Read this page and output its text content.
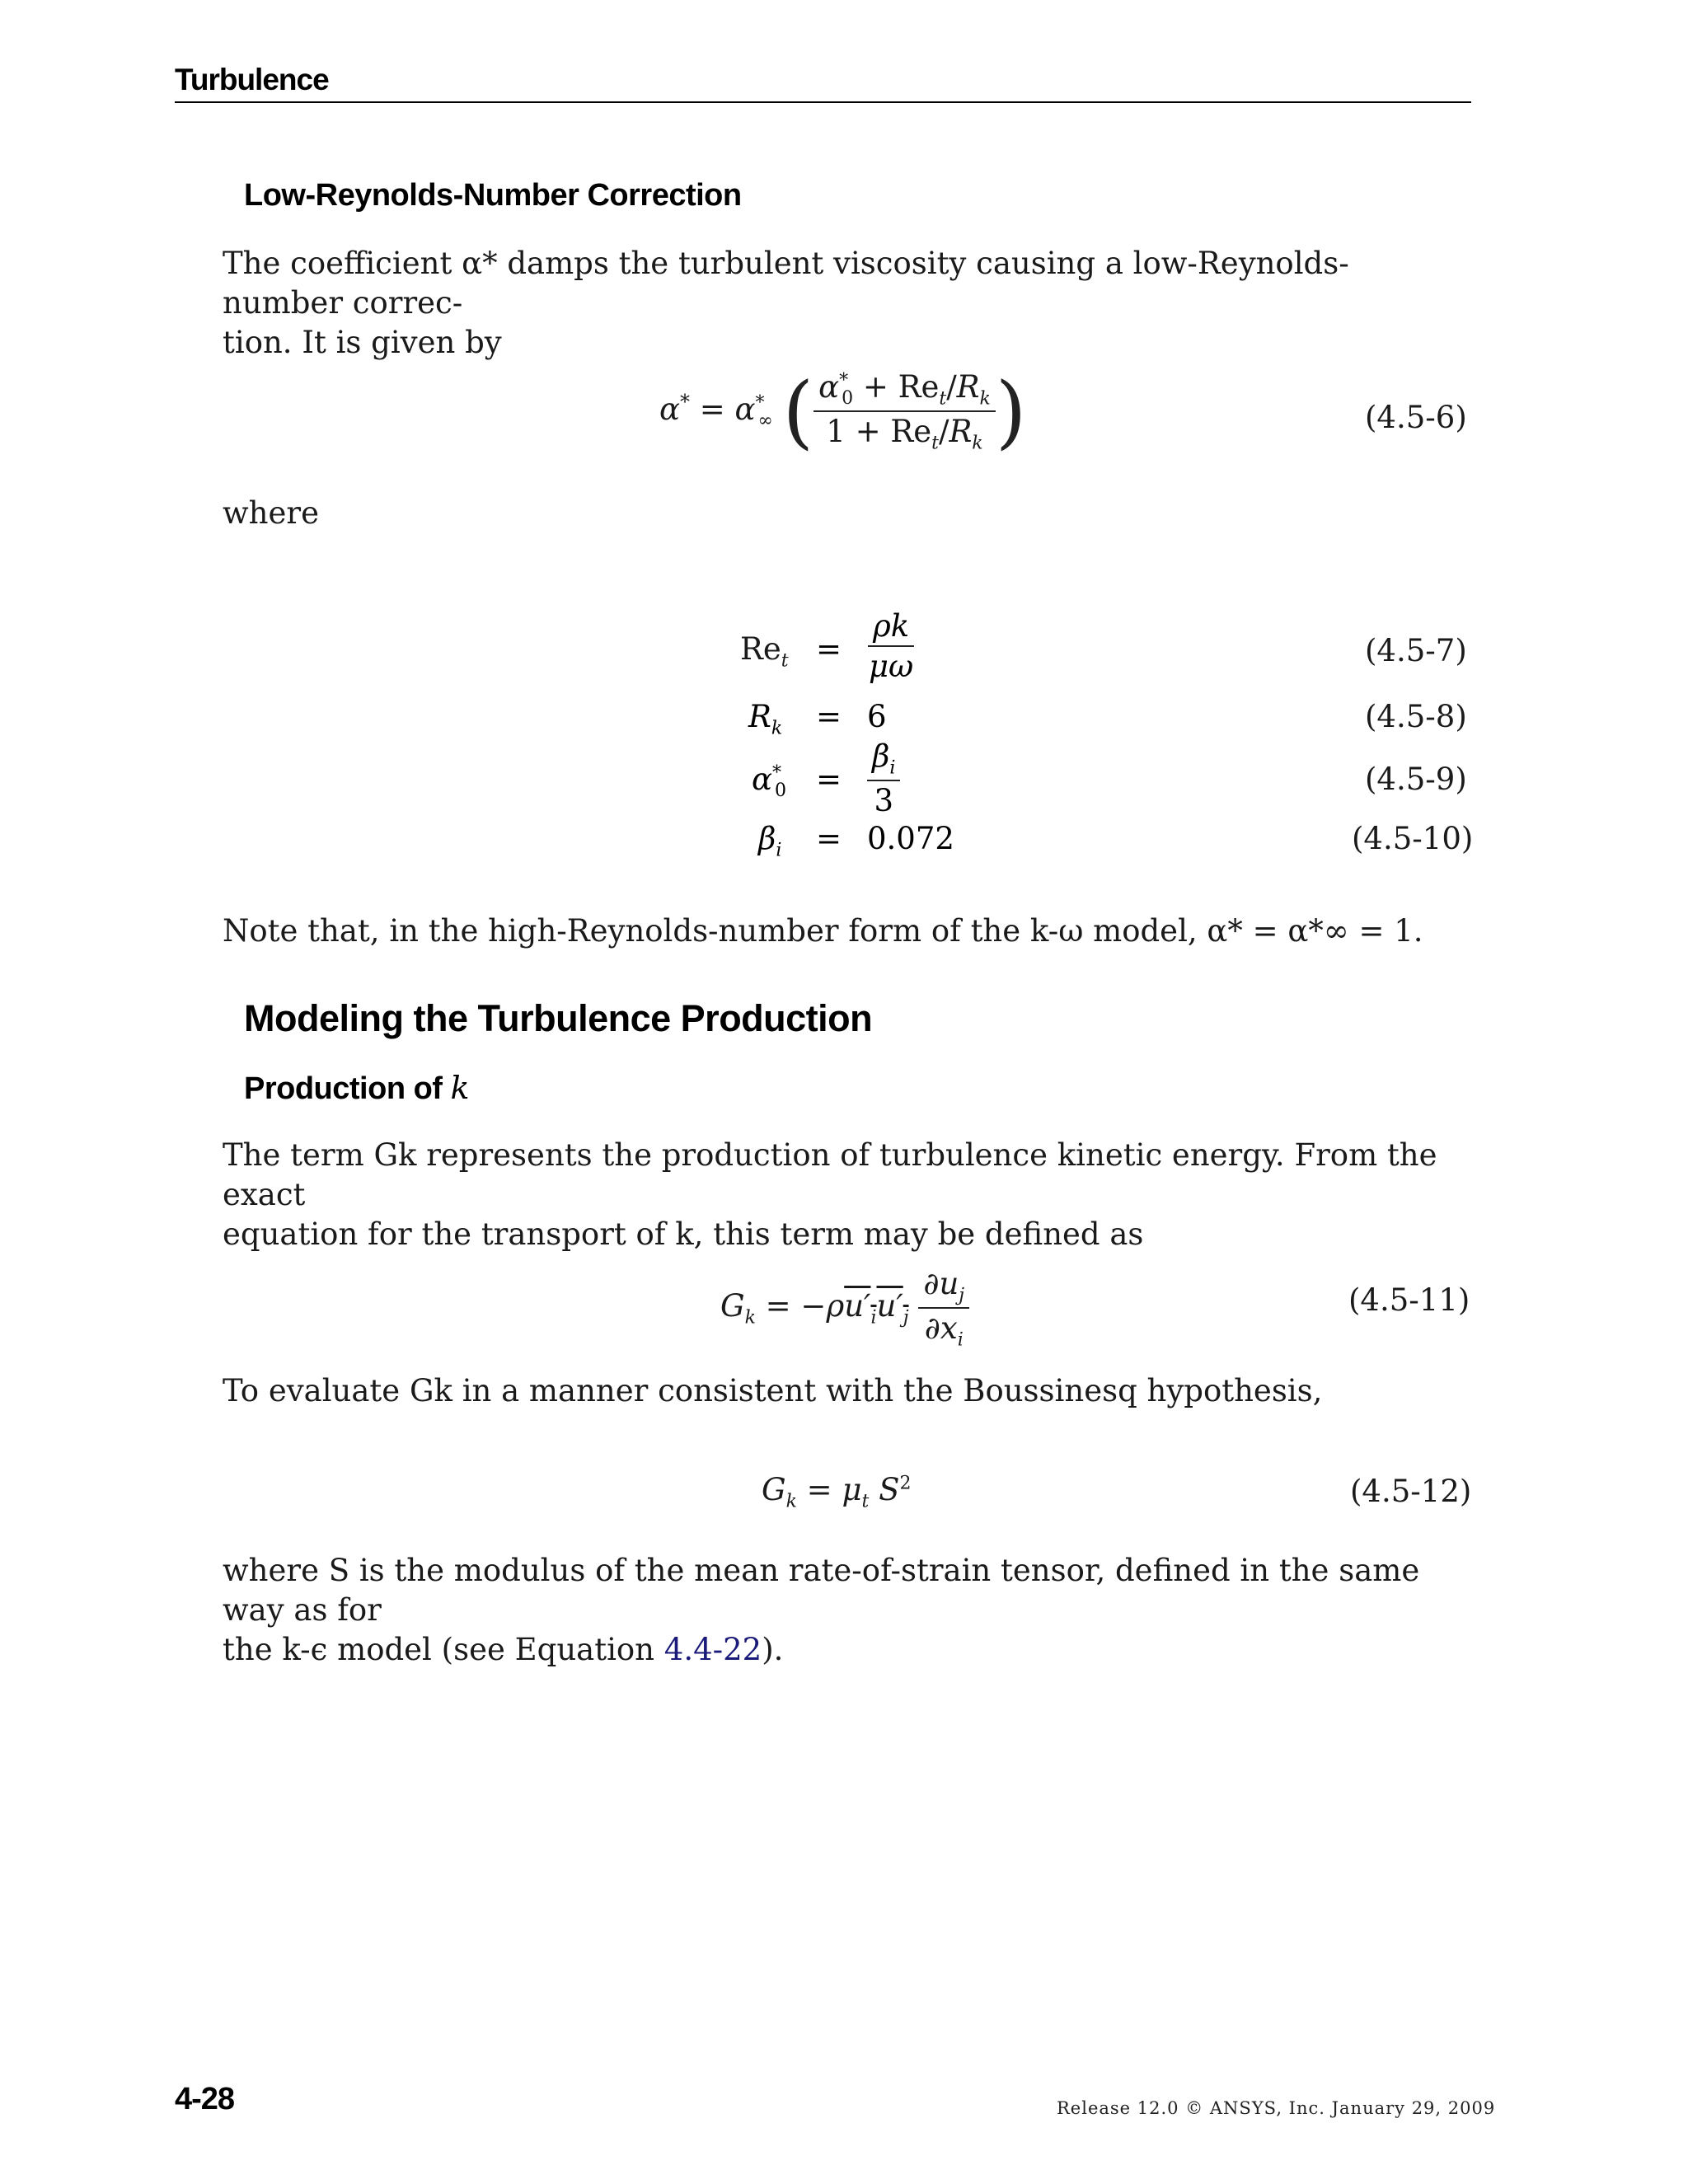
Turbulence
Low-Reynolds-Number Correction
The coefficient α* damps the turbulent viscosity causing a low-Reynolds-number correc-
tion. It is given by
$\alpha^* = \alpha^*_\infty$ ( $\frac{\alpha^*_0 + Re_t/R_k}{1 + Re_t/R_k}$ )	(4.5-6)
where
$Re_t = \frac{\rho k}{\mu\omega}$	(4.5-7)
$R_k = 6$	(4.5-8)
$\alpha^*_0 = \frac{\beta_i}{3}$	(4.5-9)
$\beta_i = 0.072$	(4.5-10)
Note that, in the high-Reynolds-number form of the k-ω model, α* = α*∞ = 1.
Modeling the Turbulence Production
Production of k
The term Gk represents the production of turbulence kinetic energy. From the exact
equation for the transport of k, this term may be defined as
$G_k = -\rho u'_iu'_j \frac{\partial u_j}{\partial x_i}$	(4.5-11)
To evaluate Gk in a manner consistent with the Boussinesq hypothesis,
$G_k = \mu_t$ $S^2$	(4.5-12)
where S is the modulus of the mean rate-of-strain tensor, defined in the same way as for
the k-ϵ model (see Equation 4.4-22).
4-28	Release 12.0 © ANSYS, Inc. January 29, 2009
